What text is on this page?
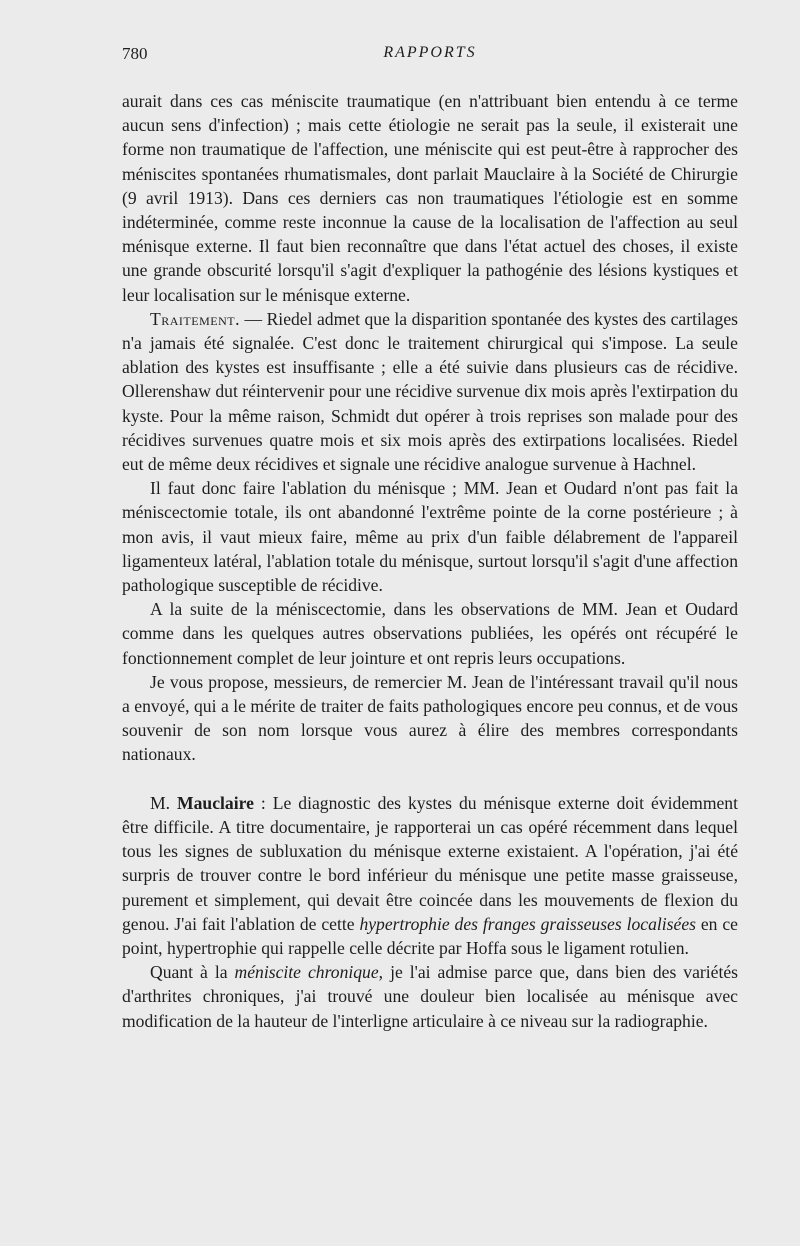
780	RAPPORTS

aurait dans ces cas méniscite traumatique (en n'attribuant bien entendu à ce terme aucun sens d'infection) ; mais cette étiologie ne serait pas la seule, il existerait une forme non traumatique de l'affection, une méniscite qui est peut-être à rapprocher des méniscites spontanées rhumatismales, dont parlait Mauclaire à la Société de Chirurgie (9 avril 1913). Dans ces derniers cas non traumatiques l'étiologie est en somme indéterminée, comme reste inconnue la cause de la localisation de l'affection au seul ménisque externe. Il faut bien reconnaître que dans l'état actuel des choses, il existe une grande obscurité lorsqu'il s'agit d'expliquer la pathogénie des lésions kystiques et leur localisation sur le ménisque externe.

Traitement. — Riedel admet que la disparition spontanée des kystes des cartilages n'a jamais été signalée. C'est donc le traitement chirurgical qui s'impose. La seule ablation des kystes est insuffisante ; elle a été suivie dans plusieurs cas de récidive. Ollerenshaw dut réintervenir pour une récidive survenue dix mois après l'extirpation du kyste. Pour la même raison, Schmidt dut opérer à trois reprises son malade pour des récidives survenues quatre mois et six mois après des extirpations localisées. Riedel eut de même deux récidives et signale une récidive analogue survenue à Hachnel.

Il faut donc faire l'ablation du ménisque ; MM. Jean et Oudard n'ont pas fait la méniscectomie totale, ils ont abandonné l'extrême pointe de la corne postérieure ; à mon avis, il vaut mieux faire, même au prix d'un faible délabrement de l'appareil ligamenteux latéral, l'ablation totale du ménisque, surtout lorsqu'il s'agit d'une affection pathologique susceptible de récidive.

A la suite de la méniscectomie, dans les observations de MM. Jean et Oudard comme dans les quelques autres observations publiées, les opérés ont récupéré le fonctionnement complet de leur jointure et ont repris leurs occupations.

Je vous propose, messieurs, de remercier M. Jean de l'intéressant travail qu'il nous a envoyé, qui a le mérite de traiter de faits pathologiques encore peu connus, et de vous souvenir de son nom lorsque vous aurez à élire des membres correspondants nationaux.

M. Mauclaire : Le diagnostic des kystes du ménisque externe doit évidemment être difficile. A titre documentaire, je rapporterai un cas opéré récemment dans lequel tous les signes de subluxation du ménisque externe existaient. A l'opération, j'ai été surpris de trouver contre le bord inférieur du ménisque une petite masse graisseuse, purement et simplement, qui devait être coincée dans les mouvements de flexion du genou. J'ai fait l'ablation de cette hypertrophie des franges graisseuses localisées en ce point, hypertrophie qui rappelle celle décrite par Hoffa sous le ligament rotulien.

Quant à la méniscite chronique, je l'ai admise parce que, dans bien des variétés d'arthrites chroniques, j'ai trouvé une douleur bien localisée au ménisque avec modification de la hauteur de l'interligne articulaire à ce niveau sur la radiographie.
